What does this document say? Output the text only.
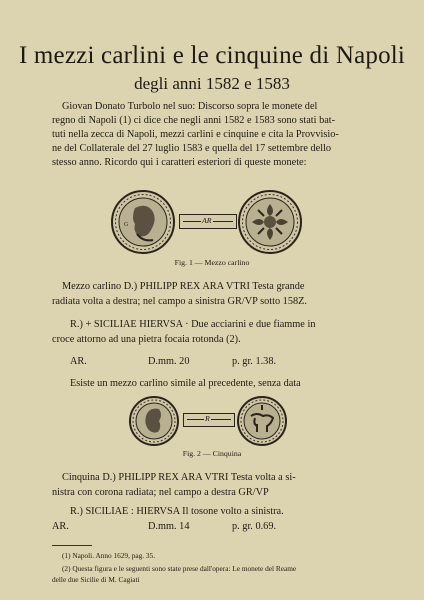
I mezzi carlini e le cinquine di Napoli
degli anni 1582 e 1583
Giovan Donato Turbolo nel suo: Discorso sopra le monete del
regno di Napoli (1) ci dice che negli anni 1582 e 1583 sono stati bat-
tuti nella zecca di Napoli, mezzi carlini e cinquine e cita la Provvisio-
ne del Collaterale del 27 luglio 1583 e quella del 17 settembre dello
stesso anno. Ricordo qui i caratteri esteriori di queste monete:
G	AR
Fig. 1 — Mezzo carlino
Mezzo carlino D.) PHILIPP REX ARA VTRI Testa grande
radiata volta a destra; nel campo a sinistra GR/VP sotto 158Z.
R.) + SICILIAE HIERVSA · Due acciarini e due fiamme in
croce attorno ad una pietra focaia rotonda (2).
AR.	D.mm. 20	p. gr. 1.38.
Esiste un mezzo carlino simile al precedente, senza data
R
Fig. 2 — Cinquina
Cinquina D.) PHILIPP REX ARA VTRI Testa volta a si-
nistra con corona radiata; nel campo a destra GR/VP
R.) SICILIAE : HIERVSA Il tosone volto a sinistra.
AR.	D.mm. 14	p. gr. 0.69.
(1) Napoli. Anno 1629, pag. 35.
(2) Questa figura e le seguenti sono state prese dall'opera: Le monete del Reame
delle due Sicilie di M. Cagiati
